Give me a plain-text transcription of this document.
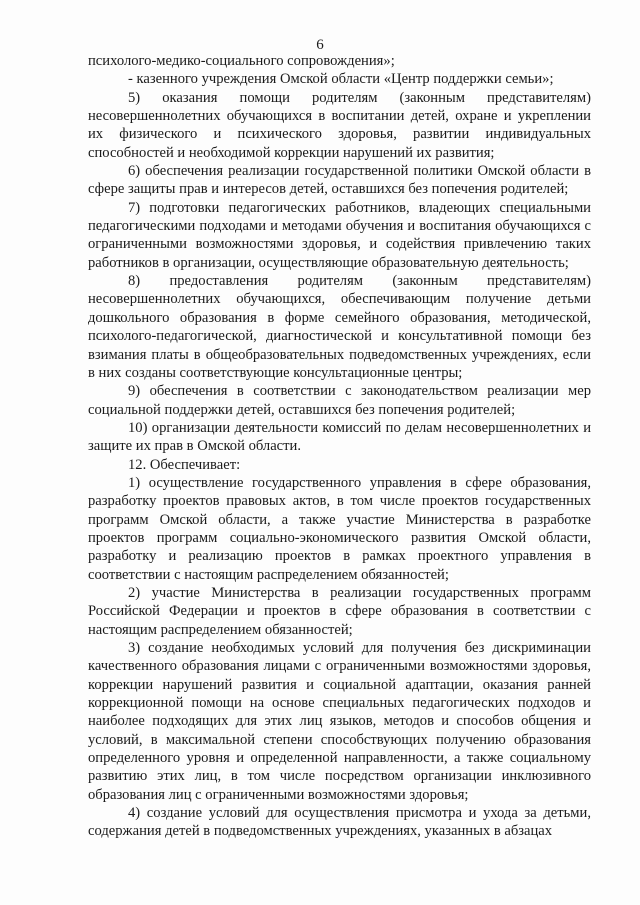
6

психолого-медико-социального сопровождения»;

- казенного учреждения Омской области «Центр поддержки семьи»;

5) оказания помощи родителям (законным представителям) несовершеннолетних обучающихся в воспитании детей, охране и укреплении их физического и психического здоровья, развитии индивидуальных способностей и необходимой коррекции нарушений их развития;

6) обеспечения реализации государственной политики Омской области в сфере защиты прав и интересов детей, оставшихся без попечения родителей;

7) подготовки педагогических работников, владеющих специальными педагогическими подходами и методами обучения и воспитания обучающихся с ограниченными возможностями здоровья, и содействия привлечению таких работников в организации, осуществляющие образовательную деятельность;

8) предоставления родителям (законным представителям) несовершеннолетних обучающихся, обеспечивающим получение детьми дошкольного образования в форме семейного образования, методической, психолого-педагогической, диагностической и консультативной помощи без взимания платы в общеобразовательных подведомственных учреждениях, если в них созданы соответствующие консультационные центры;

9) обеспечения в соответствии с законодательством реализации мер социальной поддержки детей, оставшихся без попечения родителей;

10) организации деятельности комиссий по делам несовершеннолетних и защите их прав в Омской области.

12. Обеспечивает:

1) осуществление государственного управления в сфере образования, разработку проектов правовых актов, в том числе проектов государственных программ Омской области, а также участие Министерства в разработке проектов программ социально-экономического развития Омской области, разработку и реализацию проектов в рамках проектного управления в соответствии с настоящим распределением обязанностей;

2) участие Министерства в реализации государственных программ Российской Федерации и проектов в сфере образования в соответствии с настоящим распределением обязанностей;

3) создание необходимых условий для получения без дискриминации качественного образования лицами с ограниченными возможностями здоровья, коррекции нарушений развития и социальной адаптации, оказания ранней коррекционной помощи на основе специальных педагогических подходов и наиболее подходящих для этих лиц языков, методов и способов общения и условий, в максимальной степени способствующих получению образования определенного уровня и определенной направленности, а также социальному развитию этих лиц, в том числе посредством организации инклюзивного образования лиц с ограниченными возможностями здоровья;

4) создание условий для осуществления присмотра и ухода за детьми, содержания детей в подведомственных учреждениях, указанных в абзацах
